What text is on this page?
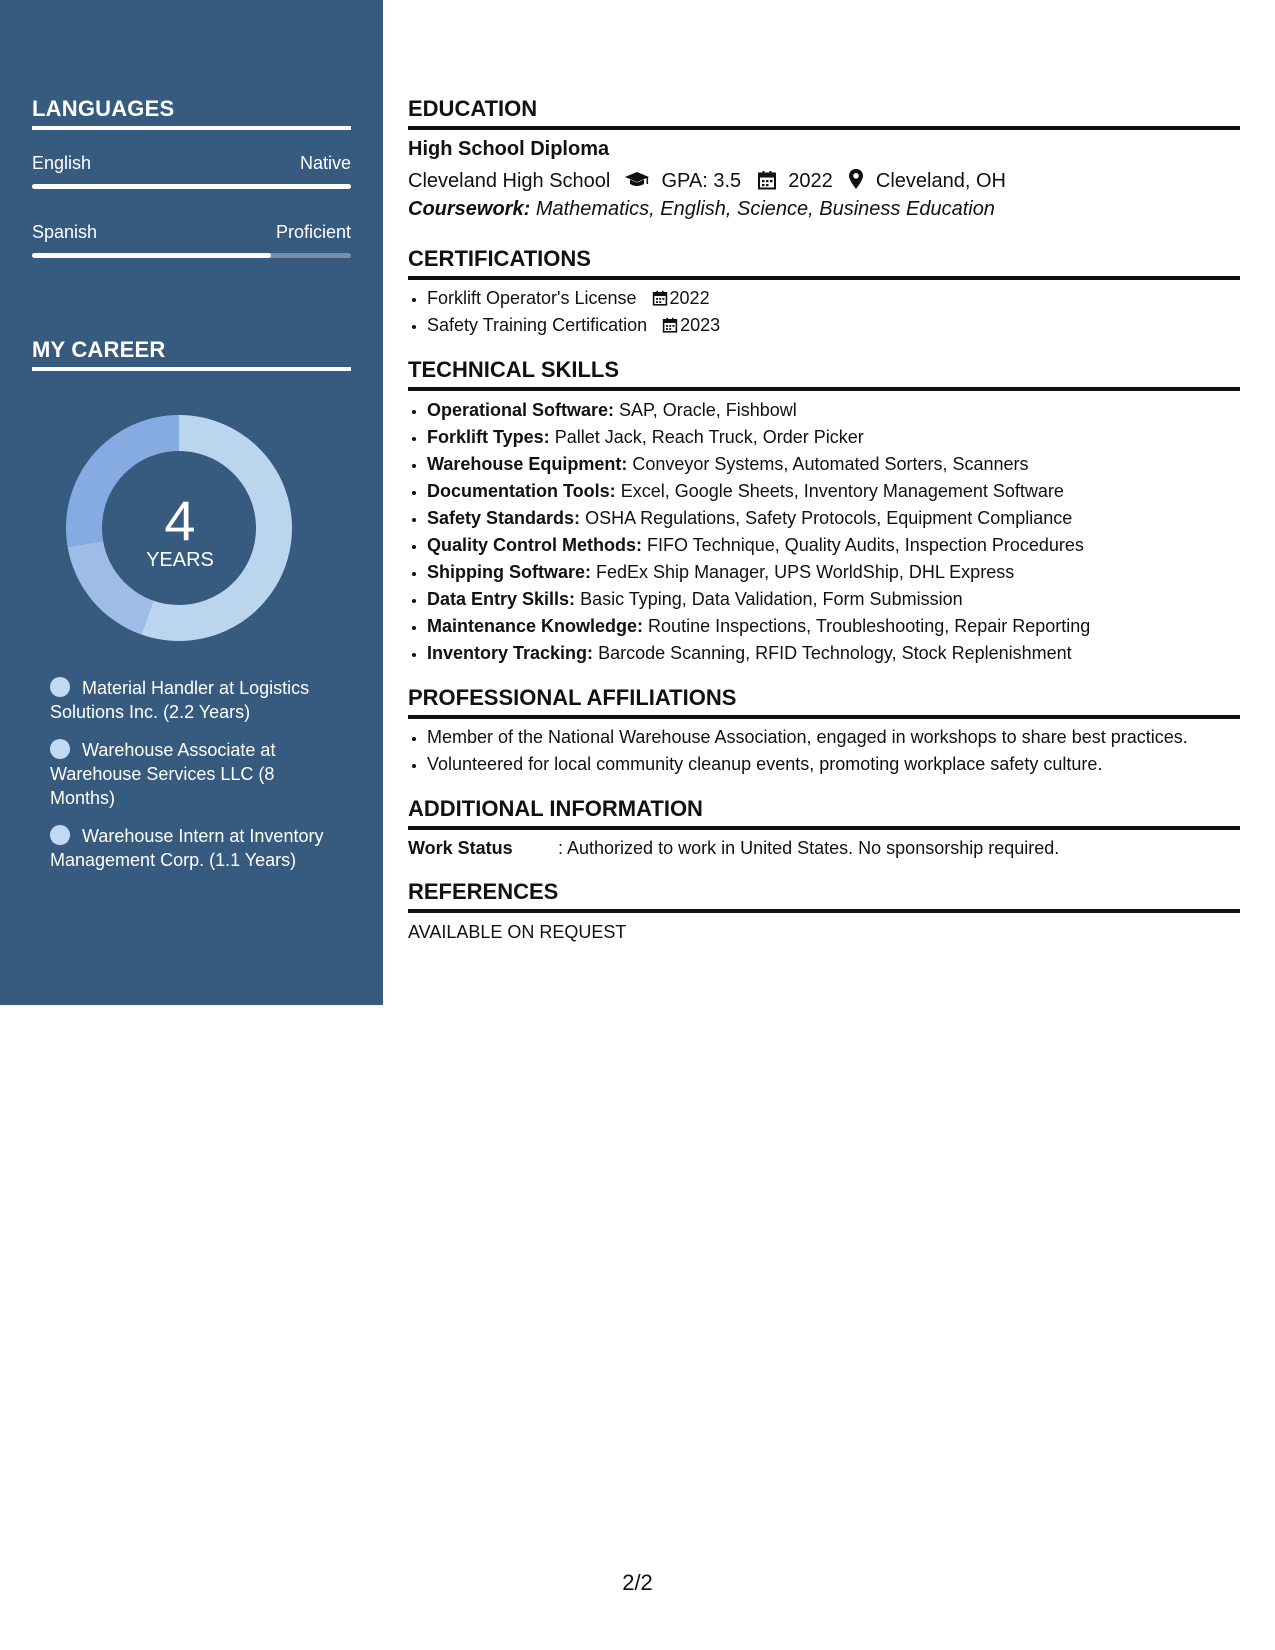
LANGUAGES
English	Native
Spanish	Proficient
MY CAREER
4
YEARS
Material Handler at Logistics Solutions Inc. (2.2 Years)
Warehouse Associate at Warehouse Services LLC (8 Months)
Warehouse Intern at Inventory Management Corp. (1.1 Years)
EDUCATION
High School Diploma
Cleveland High School	GPA: 3.5 2022 Cleveland, OH
Coursework: Mathematics, English, Science, Business Education
CERTIFICATIONS
• Forklift Operator's License 2022
• Safety Training Certification 2023
TECHNICAL SKILLS
• Operational Software: SAP, Oracle, Fishbowl
• Forklift Types: Pallet Jack, Reach Truck, Order Picker
• Warehouse Equipment: Conveyor Systems, Automated Sorters, Scanners
• Documentation Tools: Excel, Google Sheets, Inventory Management Software
• Safety Standards: OSHA Regulations, Safety Protocols, Equipment Compliance
• Quality Control Methods: FIFO Technique, Quality Audits, Inspection Procedures
• Shipping Software: FedEx Ship Manager, UPS WorldShip, DHL Express
• Data Entry Skills: Basic Typing, Data Validation, Form Submission
• Maintenance Knowledge: Routine Inspections, Troubleshooting, Repair Reporting
• Inventory Tracking: Barcode Scanning, RFID Technology, Stock Replenishment
PROFESSIONAL AFFILIATIONS
• Member of the National Warehouse Association, engaged in workshops to share best practices.
• Volunteered for local community cleanup events, promoting workplace safety culture.
ADDITIONAL INFORMATION
Work Status	: Authorized to work in United States. No sponsorship required.
REFERENCES
AVAILABLE ON REQUEST
2/2
